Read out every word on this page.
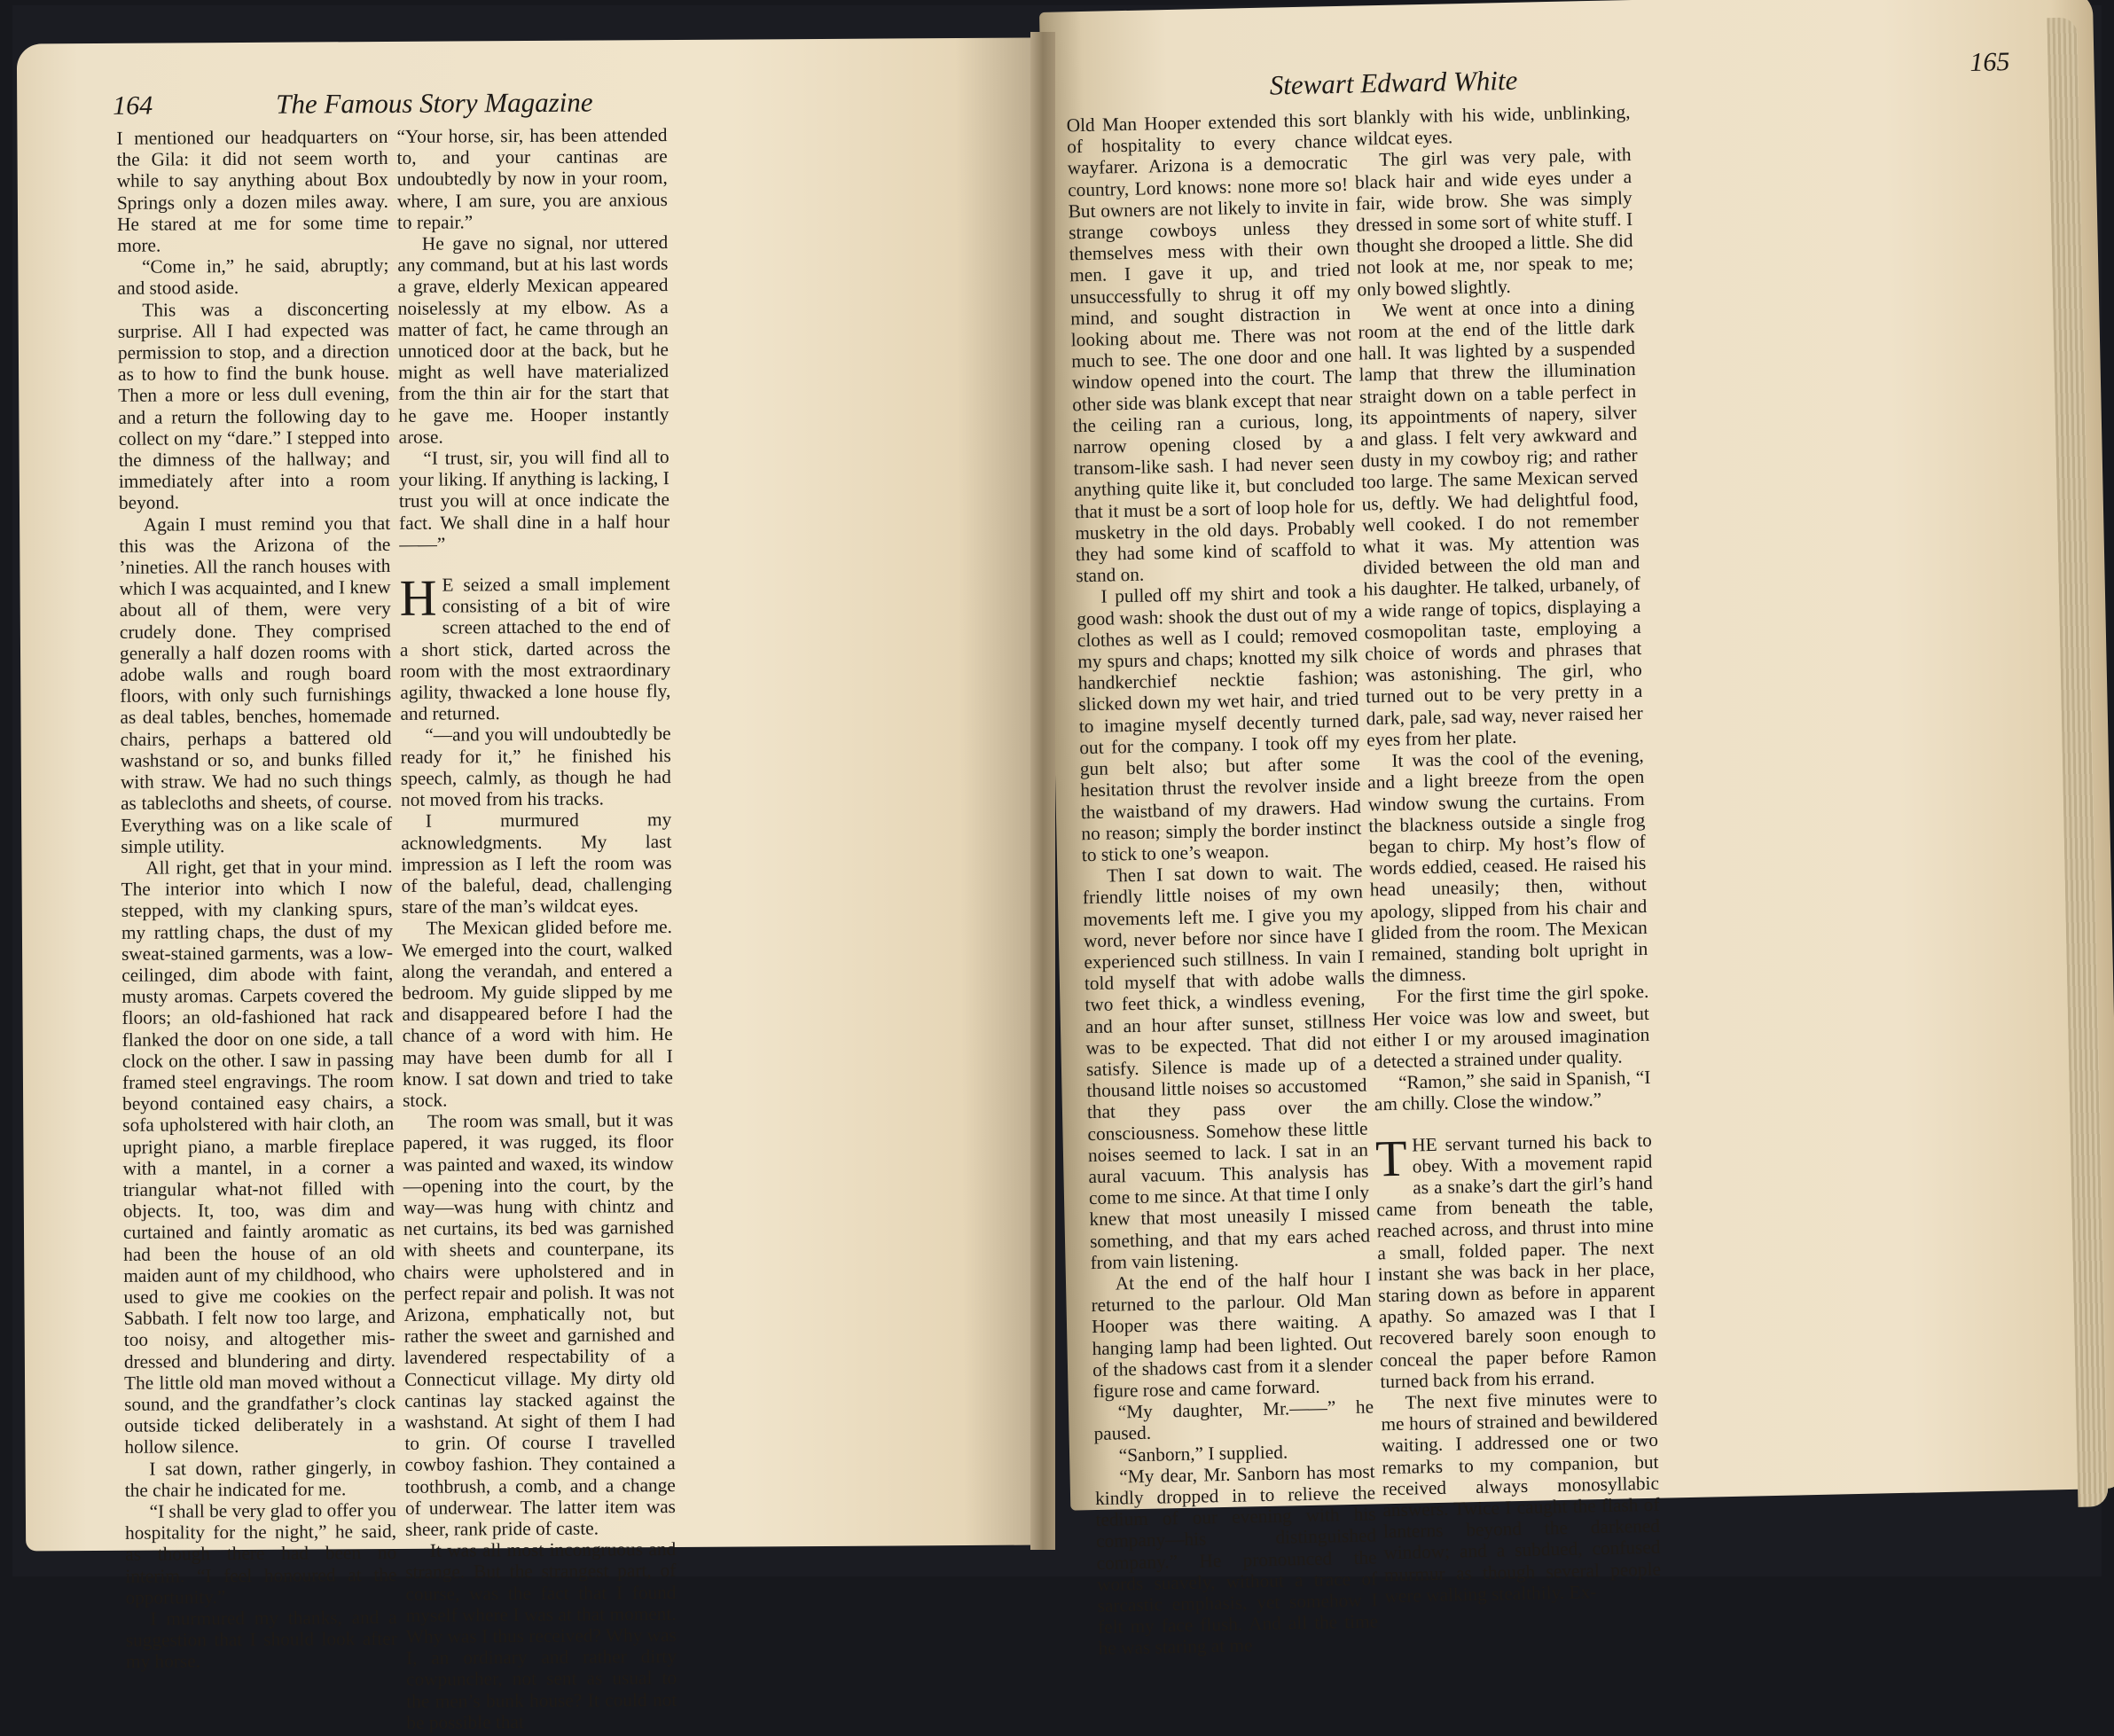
164	The Famous Story Magazine

I mentioned our headquarters on the Gila: it did not seem worth while to say anything about Box Springs only a dozen miles away. He stared at me for some time more.

“Come in,” he said, abruptly; and stood aside.

This was a disconcerting surprise. All I had expected was permission to stop, and a direction as to how to find the bunk house. Then a more or less dull evening, and a return the following day to collect on my “dare.” I stepped into the dimness of the hallway; and immediately after into a room beyond.

Again I must remind you that this was the Arizona of the ’nineties. All the ranch houses with which I was acquainted, and I knew about all of them, were very crudely done. They comprised generally a half dozen rooms with adobe walls and rough board floors, with only such furnishings as deal tables, benches, homemade chairs, perhaps a battered old washstand or so, and bunks filled with straw. We had no such things as tablecloths and sheets, of course. Everything was on a like scale of simple utility.

All right, get that in your mind. The interior into which I now stepped, with my clanking spurs, my rattling chaps, the dust of my sweat-stained garments, was a low-ceilinged, dim abode with faint, musty aromas. Carpets covered the floors; an old-fashioned hat rack flanked the door on one side, a tall clock on the other. I saw in passing framed steel engravings. The room beyond contained easy chairs, a sofa upholstered with hair cloth, an upright piano, a marble fireplace with a mantel, in a corner a triangular what-not filled with objects. It, too, was dim and curtained and faintly aromatic as had been the house of an old maiden aunt of my childhood, who used to give me cookies on the Sabbath. I felt now too large, and too noisy, and altogether mis-dressed and blundering and dirty. The little old man moved without a sound, and the grandfather’s clock outside ticked deliberately in a hollow silence.

I sat down, rather gingerly, in the chair he indicated for me.

“I shall be very glad to offer you hospitality for the night,” he said, as though there had been no interim. “I feel honoured at the opportunity.”

I murmured my thanks, and a suggestion that I should look after my horse.

“Your horse, sir, has been attended to, and your cantinas are undoubtedly by now in your room, where, I am sure, you are anxious to repair.”

He gave no signal, nor uttered any command, but at his last words a grave, elderly Mexican appeared noiselessly at my elbow. As a matter of fact, he came through an unnoticed door at the back, but he might as well have materialized from the thin air for the start that he gave me. Hooper instantly arose.

“I trust, sir, you will find all to your liking. If anything is lacking, I trust you will at once indicate the fact. We shall dine in a half hour——”

H E seized a small implement consisting of a bit of wire screen attached to the end of a short stick, darted across the room with the most extraordinary agility, thwacked a lone house fly, and returned.

“—and you will undoubtedly be ready for it,” he finished his speech, calmly, as though he had not moved from his tracks.

I murmured my acknowledgments. My last impression as I left the room was of the baleful, dead, challenging stare of the man’s wildcat eyes.

The Mexican glided before me. We emerged into the court, walked along the verandah, and entered a bedroom. My guide slipped by me and disappeared before I had the chance of a word with him. He may have been dumb for all I know. I sat down and tried to take stock.

The room was small, but it was papered, it was rugged, its floor was painted and waxed, its window—opening into the court, by the way—was hung with chintz and net curtains, its bed was garnished with sheets and counterpane, its chairs were upholstered and in perfect repair and polish. It was not Arizona, emphatically not, but rather the sweet and garnished and lavendered respectability of a Connecticut village. My dirty old cantinas lay stacked against the washstand. At sight of them I had to grin. Of course I travelled cowboy fashion. They contained a toothbrush, a comb, and a change of underwear. The latter item was sheer, rank pride of caste.

It was all most incongruous and strange. But the strangest part, of course, was the fact that I found myself where I was at that moment. Why was I thus received? Why was I, an ordinary and rather dirty cowpuncher, not sent as usual to the men’s bunk house? It could not be possible that

Stewart Edward White
165

Old Man Hooper extended this sort of hospitality to every chance wayfarer. Arizona is a democratic country, Lord knows: none more so! But owners are not likely to invite in strange cowboys unless they themselves mess with their own men. I gave it up, and tried unsuccessfully to shrug it off my mind, and sought distraction in looking about me. There was not much to see. The one door and one window opened into the court. The other side was blank except that near the ceiling ran a curious, long, narrow opening closed by a transom-like sash. I had never seen anything quite like it, but concluded that it must be a sort of loop hole for musketry in the old days. Probably they had some kind of scaffold to stand on.

I pulled off my shirt and took a good wash: shook the dust out of my clothes as well as I could; removed my spurs and chaps; knotted my silk handkerchief necktie fashion; slicked down my wet hair, and tried to imagine myself decently turned out for the company. I took off my gun belt also; but after some hesitation thrust the revolver inside the waistband of my drawers. Had no reason; simply the border instinct to stick to one’s weapon.

Then I sat down to wait. The friendly little noises of my own movements left me. I give you my word, never before nor since have I experienced such stillness. In vain I told myself that with adobe walls two feet thick, a windless evening, and an hour after sunset, stillness was to be expected. That did not satisfy. Silence is made up of a thousand little noises so accustomed that they pass over the consciousness. Somehow these little noises seemed to lack. I sat in an aural vacuum. This analysis has come to me since. At that time I only knew that most uneasily I missed something, and that my ears ached from vain listening.

At the end of the half hour I returned to the parlour. Old Man Hooper was there waiting. A hanging lamp had been lighted. Out of the shadows cast from it a slender figure rose and came forward.

“My daughter, Mr.——” he paused.

“Sanborn,” I supplied.

“My dear, Mr. Sanborn has most kindly dropped in to relieve the tedium of our evening with his company—his distinguished company.” He pronounced the words suavely, without a trace of sarcastic emphasis, yet somehow I felt my face flush. And all the time he was staring at me

blankly with his wide, unblinking, wildcat eyes.

The girl was very pale, with black hair and wide eyes under a fair, wide brow. She was simply dressed in some sort of white stuff. I thought she drooped a little. She did not look at me, nor speak to me; only bowed slightly.

We went at once into a dining room at the end of the little dark hall. It was lighted by a suspended lamp that threw the illumination straight down on a table perfect in its appointments of napery, silver and glass. I felt very awkward and dusty in my cowboy rig; and rather too large. The same Mexican served us, deftly. We had delightful food, well cooked. I do not remember what it was. My attention was divided between the old man and his daughter. He talked, urbanely, of a wide range of topics, displaying a cosmopolitan taste, employing a choice of words and phrases that was astonishing. The girl, who turned out to be very pretty in a dark, pale, sad way, never raised her eyes from her plate.

It was the cool of the evening, and a light breeze from the open window swung the curtains. From the blackness outside a single frog began to chirp. My host’s flow of words eddied, ceased. He raised his head uneasily; then, without apology, slipped from his chair and glided from the room. The Mexican remained, standing bolt upright in the dimness.

For the first time the girl spoke. Her voice was low and sweet, but either I or my aroused imagination detected a strained under quality.

“Ramon,” she said in Spanish, “I am chilly. Close the window.”

THE servant turned his back to obey. With a movement rapid as a snake’s dart the girl’s hand came from beneath the table, reached across, and thrust into mine a small, folded paper. The next instant she was back in her place, staring down as before in apparent apathy. So amazed was I that I recovered barely soon enough to conceal the paper before Ramon turned back from his errand.

The next five minutes were to me hours of strained and bewildered waiting. I addressed one or two remarks to my companion, but received always monosyllabic answers. Twice I caught the flash of lanterns beyond the darkened window; and a subdued, confused murmur as though several people were walking stealthily. Ex-
